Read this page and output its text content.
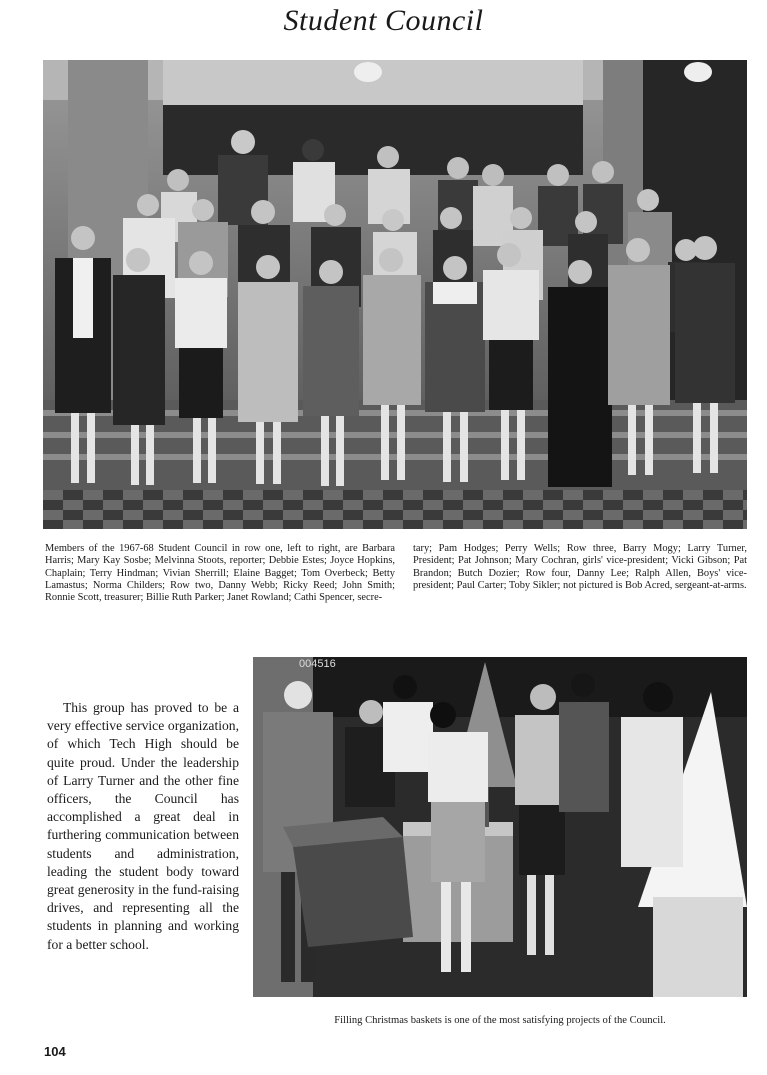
Student Council

Members of the 1967-68 Student Council in row one, left to right, are Barbara Harris; Mary Kay Sosbe; Melvinna Stoots, reporter; Debbie Estes; Joyce Hopkins, Chaplain; Terry Hindman; Vivian Sherrill; Elaine Bagget; Tom Overbeck; Betty Lamastus; Norma Childers; Row two, Danny Webb; Ricky Reed; John Smith; Ronnie Scott, treasurer; Billie Ruth Parker; Janet Rowland; Cathi Spencer, secre-

tary; Pam Hodges; Perry Wells; Row three, Barry Mogy; Larry Turner, President; Pat Johnson; Mary Cochran, girls' vice-president; Vicki Gibson; Pat Brandon; Butch Dozier; Row four, Danny Lee; Ralph Allen, Boys' vice-president; Paul Carter; Toby Sikler; not pictured is Bob Acred, sergeant-at-arms.

This group has proved to be a very effective service organization, of which Tech High should be quite proud. Under the leadership of Larry Turner and the other fine officers, the Council has accomplished a great deal in furthering communication between students and administration, leading the student body toward great generosity in the fund-raising drives, and representing all the students in planning and working for a better school.

004516

Filling Christmas baskets is one of the most satisfying projects of the Council.

104
